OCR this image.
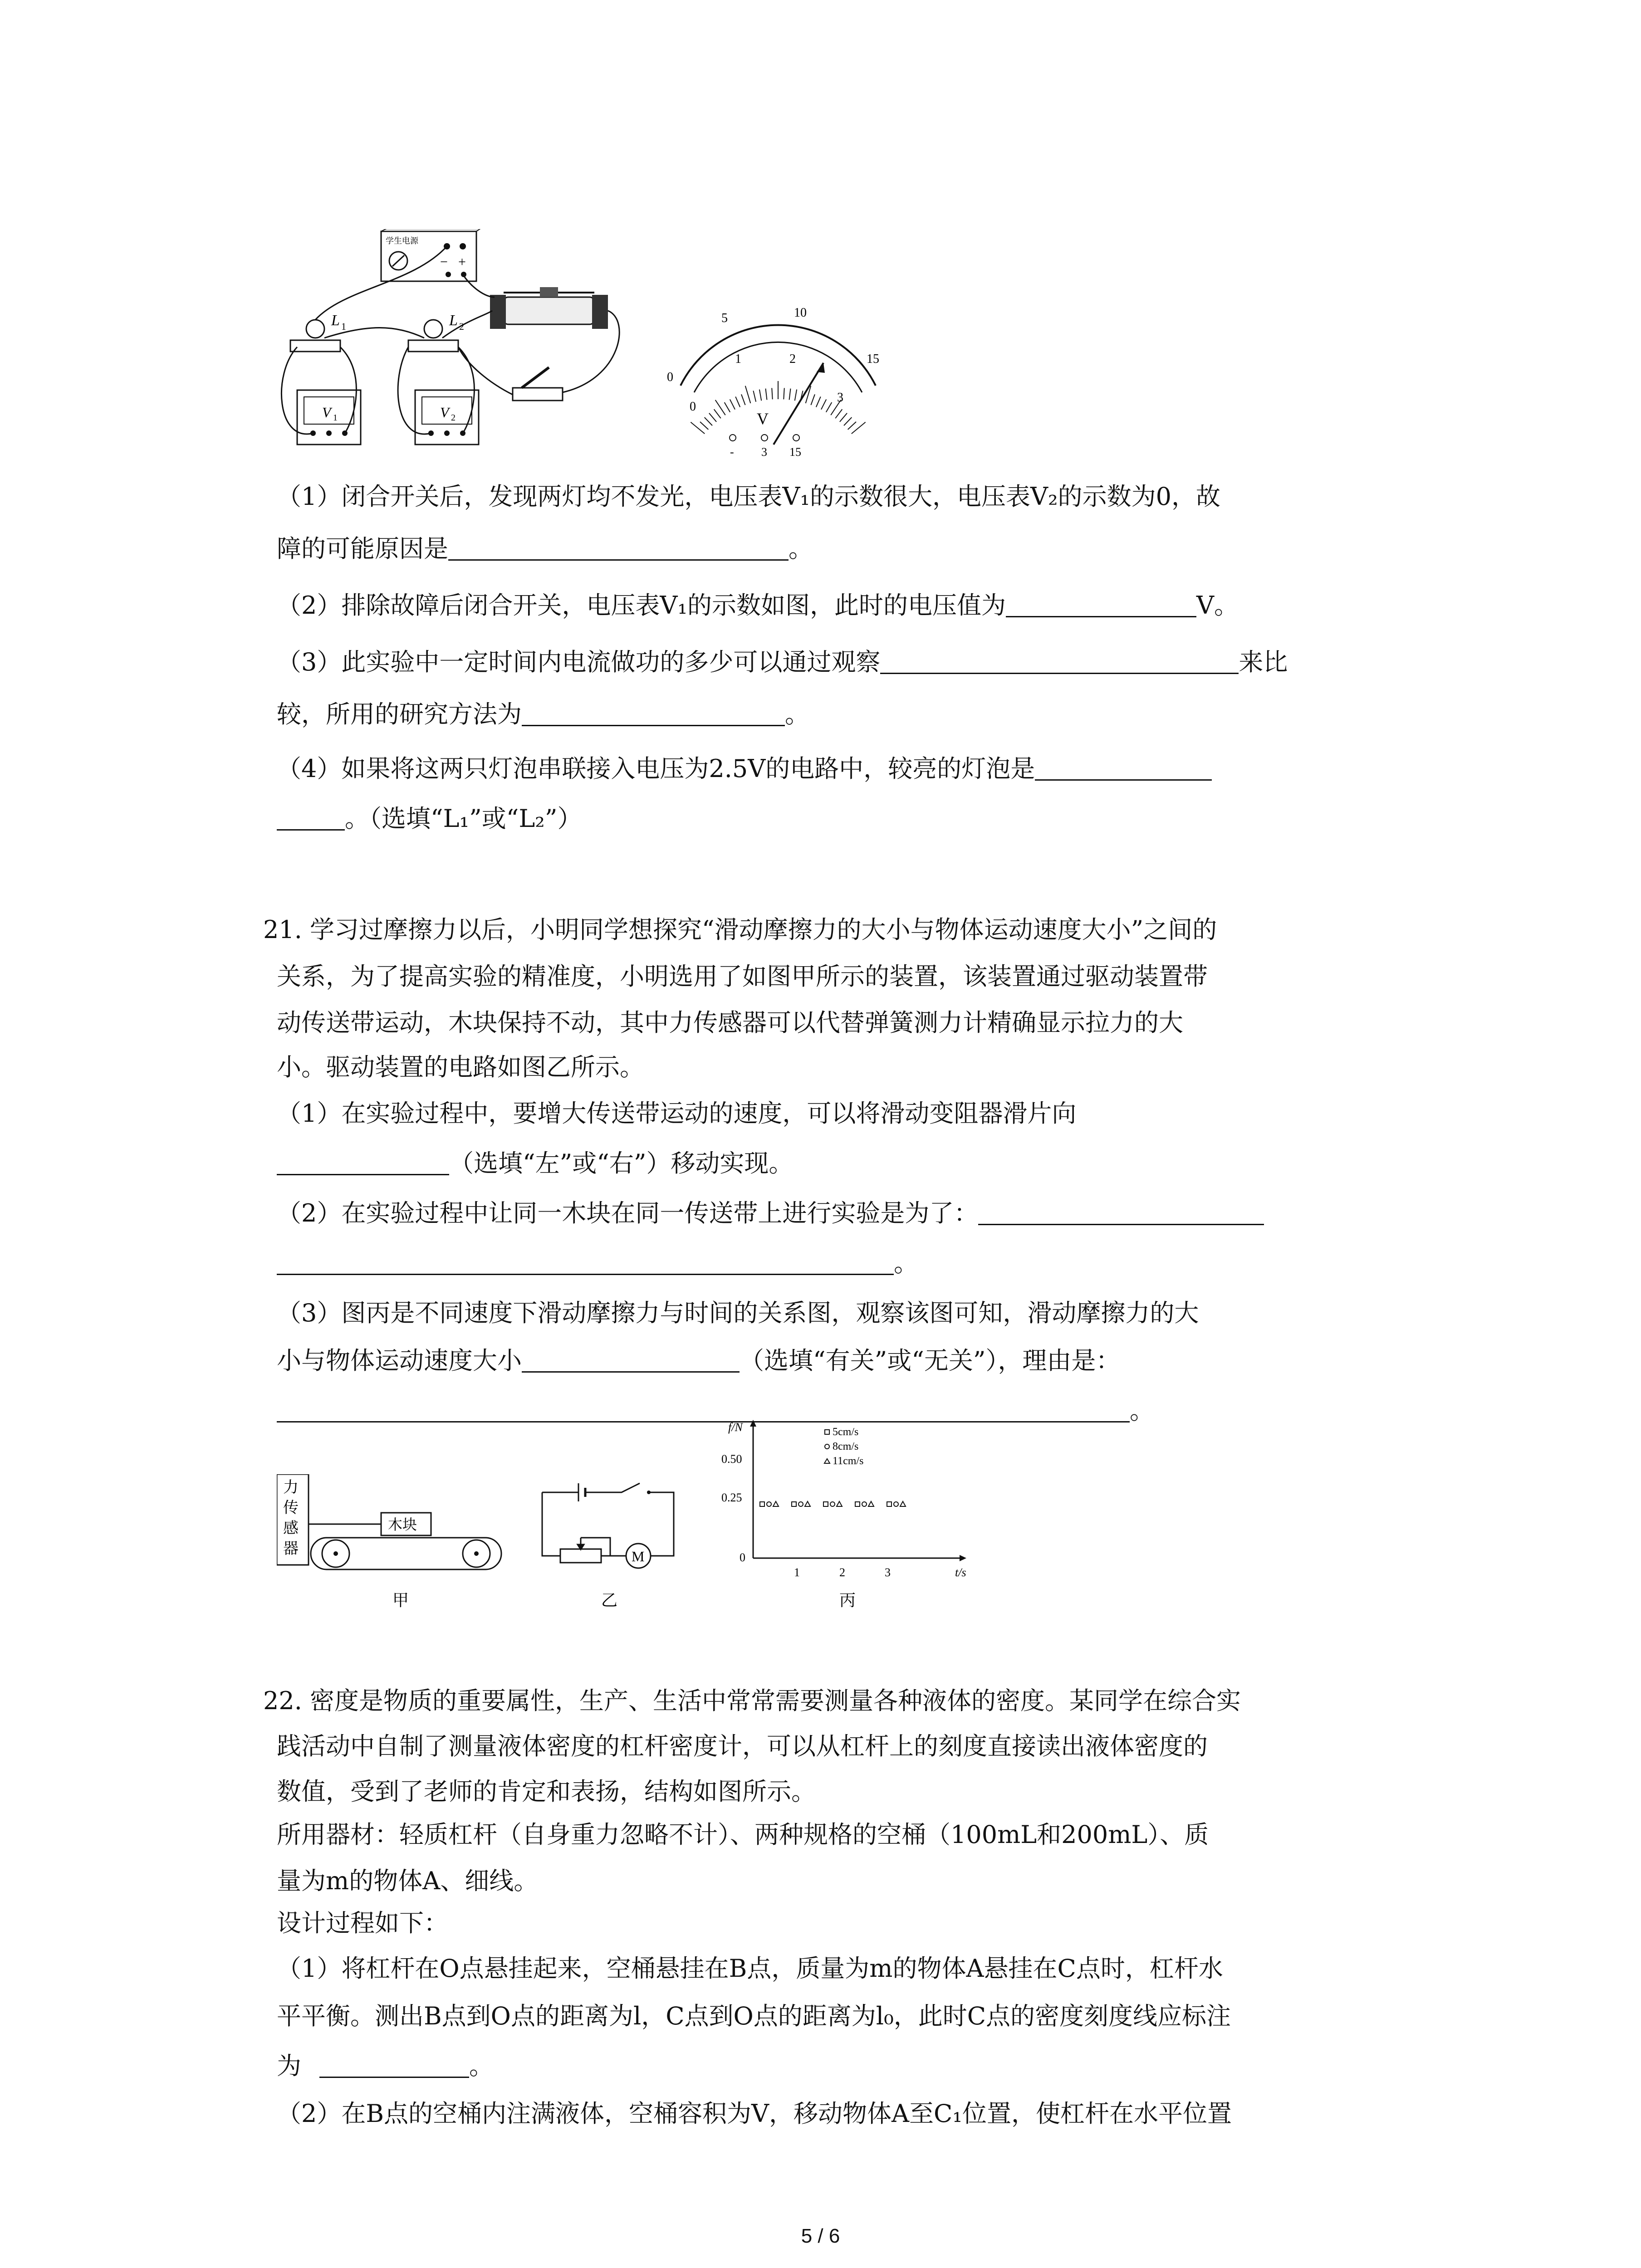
学生电源
− +
L 1	L 2
V 1	V 2
0
5	10
15
0
1	2
3
V
- 3 15
（1）闭合开关后，发现两灯均不发光，电压表V₁的示数很大，电压表V₂的示数为0，故
障的可能原因是	。
（2）排除故障后闭合开关，电压表V₁的示数如图，此时的电压值为	V。
（3）此实验中一定时间内电流做功的多少可以通过观察	来比
较，所用的研究方法为	。
（4）如果将这两只灯泡串联接入电压为2.5V的电路中，较亮的灯泡是
。（选填“L₁”或“L₂”）
21. 学习过摩擦力以后，小明同学想探究“滑动摩擦力的大小与物体运动速度大小”之间的
关系，为了提高实验的精准度，小明选用了如图甲所示的装置，该装置通过驱动装置带
动传送带运动，木块保持不动，其中力传感器可以代替弹簧测力计精确显示拉力的大
小。驱动装置的电路如图乙所示。
（1）在实验过程中，要增大传送带运动的速度，可以将滑动变阻器滑片向
（选填“左”或“右”）移动实现。
（2）在实验过程中让同一木块在同一传送带上进行实验是为了：
。
（3）图丙是不同速度下滑动摩擦力与时间的关系图，观察该图可知，滑动摩擦力的大
小与物体运动速度大小	（选填“有关”或“无关”），理由是：
。
力
传
感
器
木块
甲
M
乙
f/N
t/s
0.50
0.25
0
1	2	3
5cm/s
8cm/s
11cm/s
丙
22. 密度是物质的重要属性，生产、生活中常常需要测量各种液体的密度。某同学在综合实
践活动中自制了测量液体密度的杠杆密度计，可以从杠杆上的刻度直接读出液体密度的
数值，受到了老师的肯定和表扬，结构如图所示。
所用器材：轻质杠杆（自身重力忽略不计）、两种规格的空桶（100mL和200mL）、质
量为m的物体A、细线。
设计过程如下：
（1）将杠杆在O点悬挂起来，空桶悬挂在B点，质量为m的物体A悬挂在C点时，杠杆水
平平衡。测出B点到O点的距离为l，C点到O点的距离为l₀，此时C点的密度刻度线应标注
为	。
（2）在B点的空桶内注满液体，空桶容积为V，移动物体A至C₁位置，使杠杆在水平位置
5 / 6
